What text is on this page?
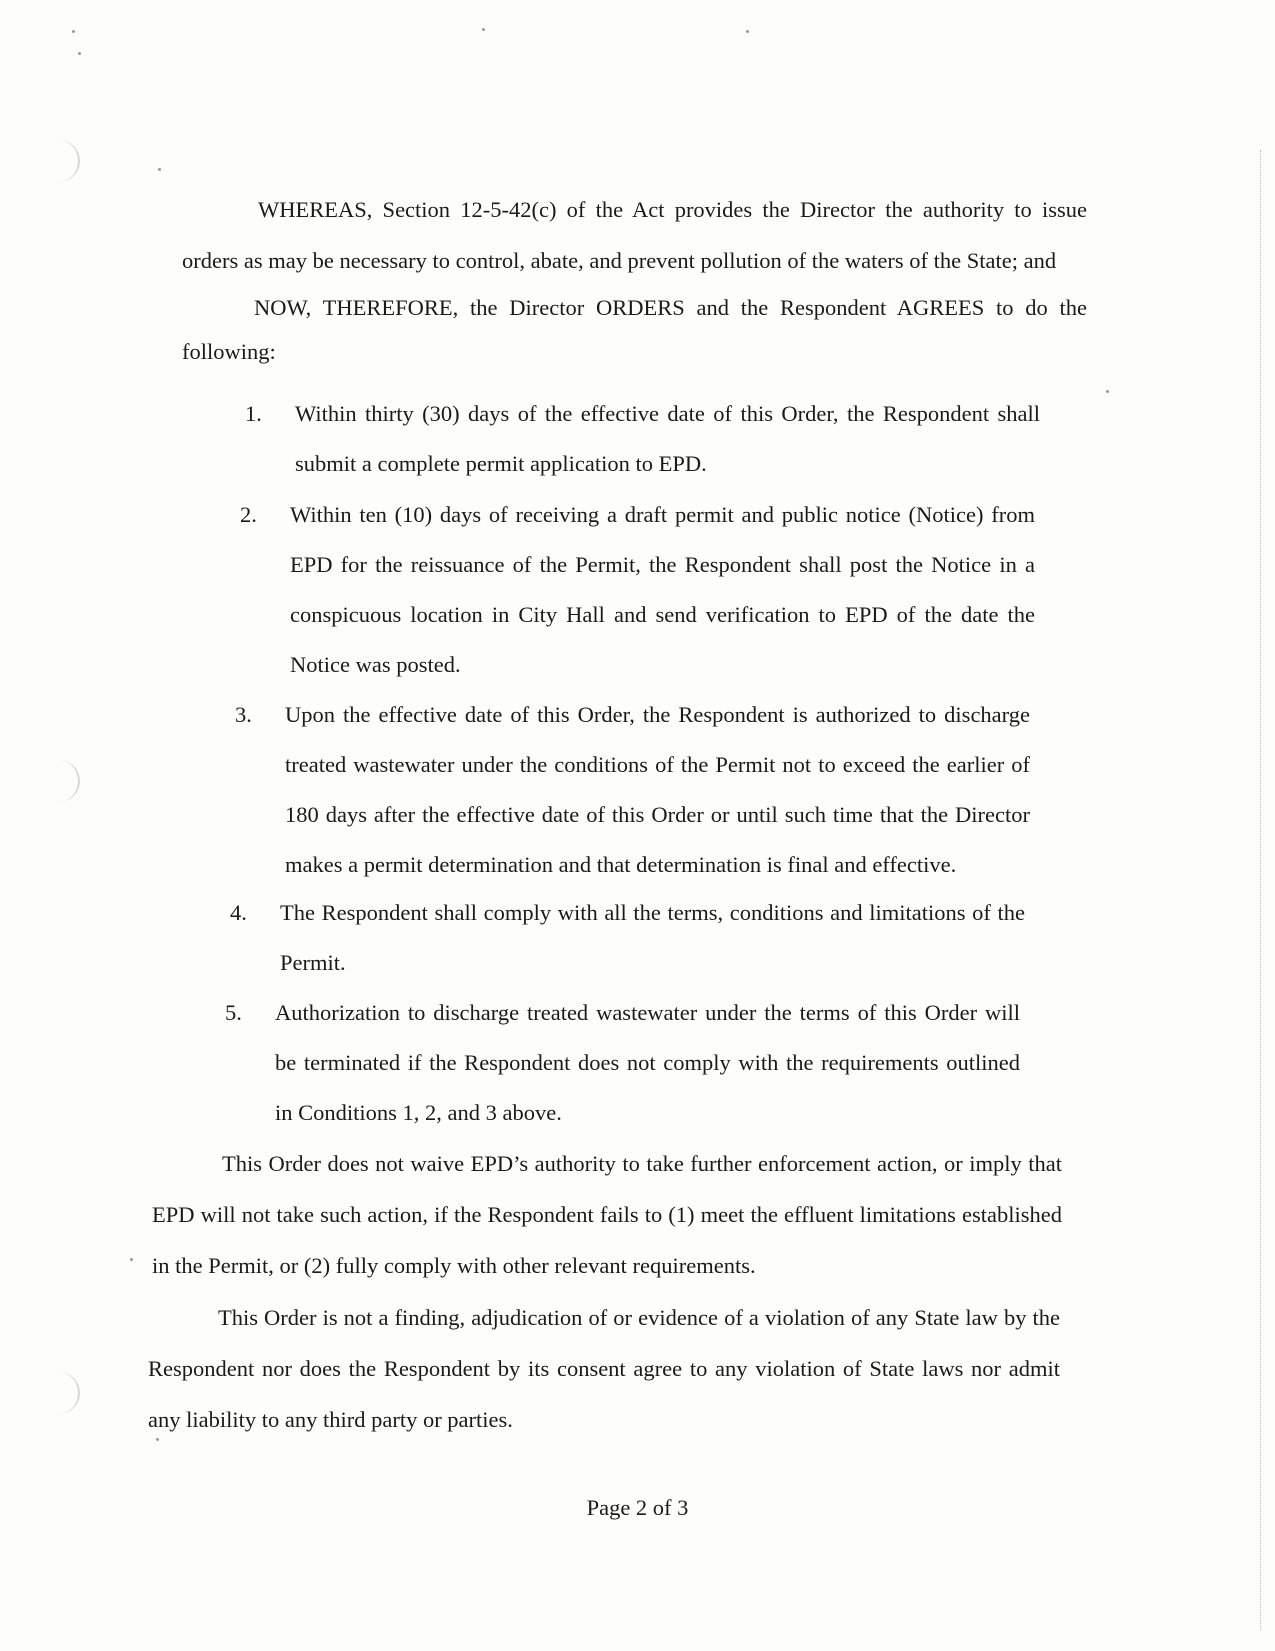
WHEREAS, Section 12-5-42(c) of the Act provides the Director the authority to issue orders as may be necessary to control, abate, and prevent pollution of the waters of the State; and

NOW, THEREFORE, the Director ORDERS and the Respondent AGREES to do the following:

1.	Within thirty (30) days of the effective date of this Order, the Respondent shall submit a complete permit application to EPD.
2.	Within ten (10) days of receiving a draft permit and public notice (Notice) from EPD for the reissuance of the Permit, the Respondent shall post the Notice in a conspicuous location in City Hall and send verification to EPD of the date the Notice was posted.
3.	Upon the effective date of this Order, the Respondent is authorized to discharge treated wastewater under the conditions of the Permit not to exceed the earlier of 180 days after the effective date of this Order or until such time that the Director makes a permit determination and that determination is final and effective.
4.	The Respondent shall comply with all the terms, conditions and limitations of the Permit.
5.	Authorization to discharge treated wastewater under the terms of this Order will be terminated if the Respondent does not comply with the requirements outlined in Conditions 1, 2, and 3 above.

This Order does not waive EPD’s authority to take further enforcement action, or imply that EPD will not take such action, if the Respondent fails to (1) meet the effluent limitations established in the Permit, or (2) fully comply with other relevant requirements.

This Order is not a finding, adjudication of or evidence of a violation of any State law by the Respondent nor does the Respondent by its consent agree to any violation of State laws nor admit any liability to any third party or parties.

Page 2 of 3
